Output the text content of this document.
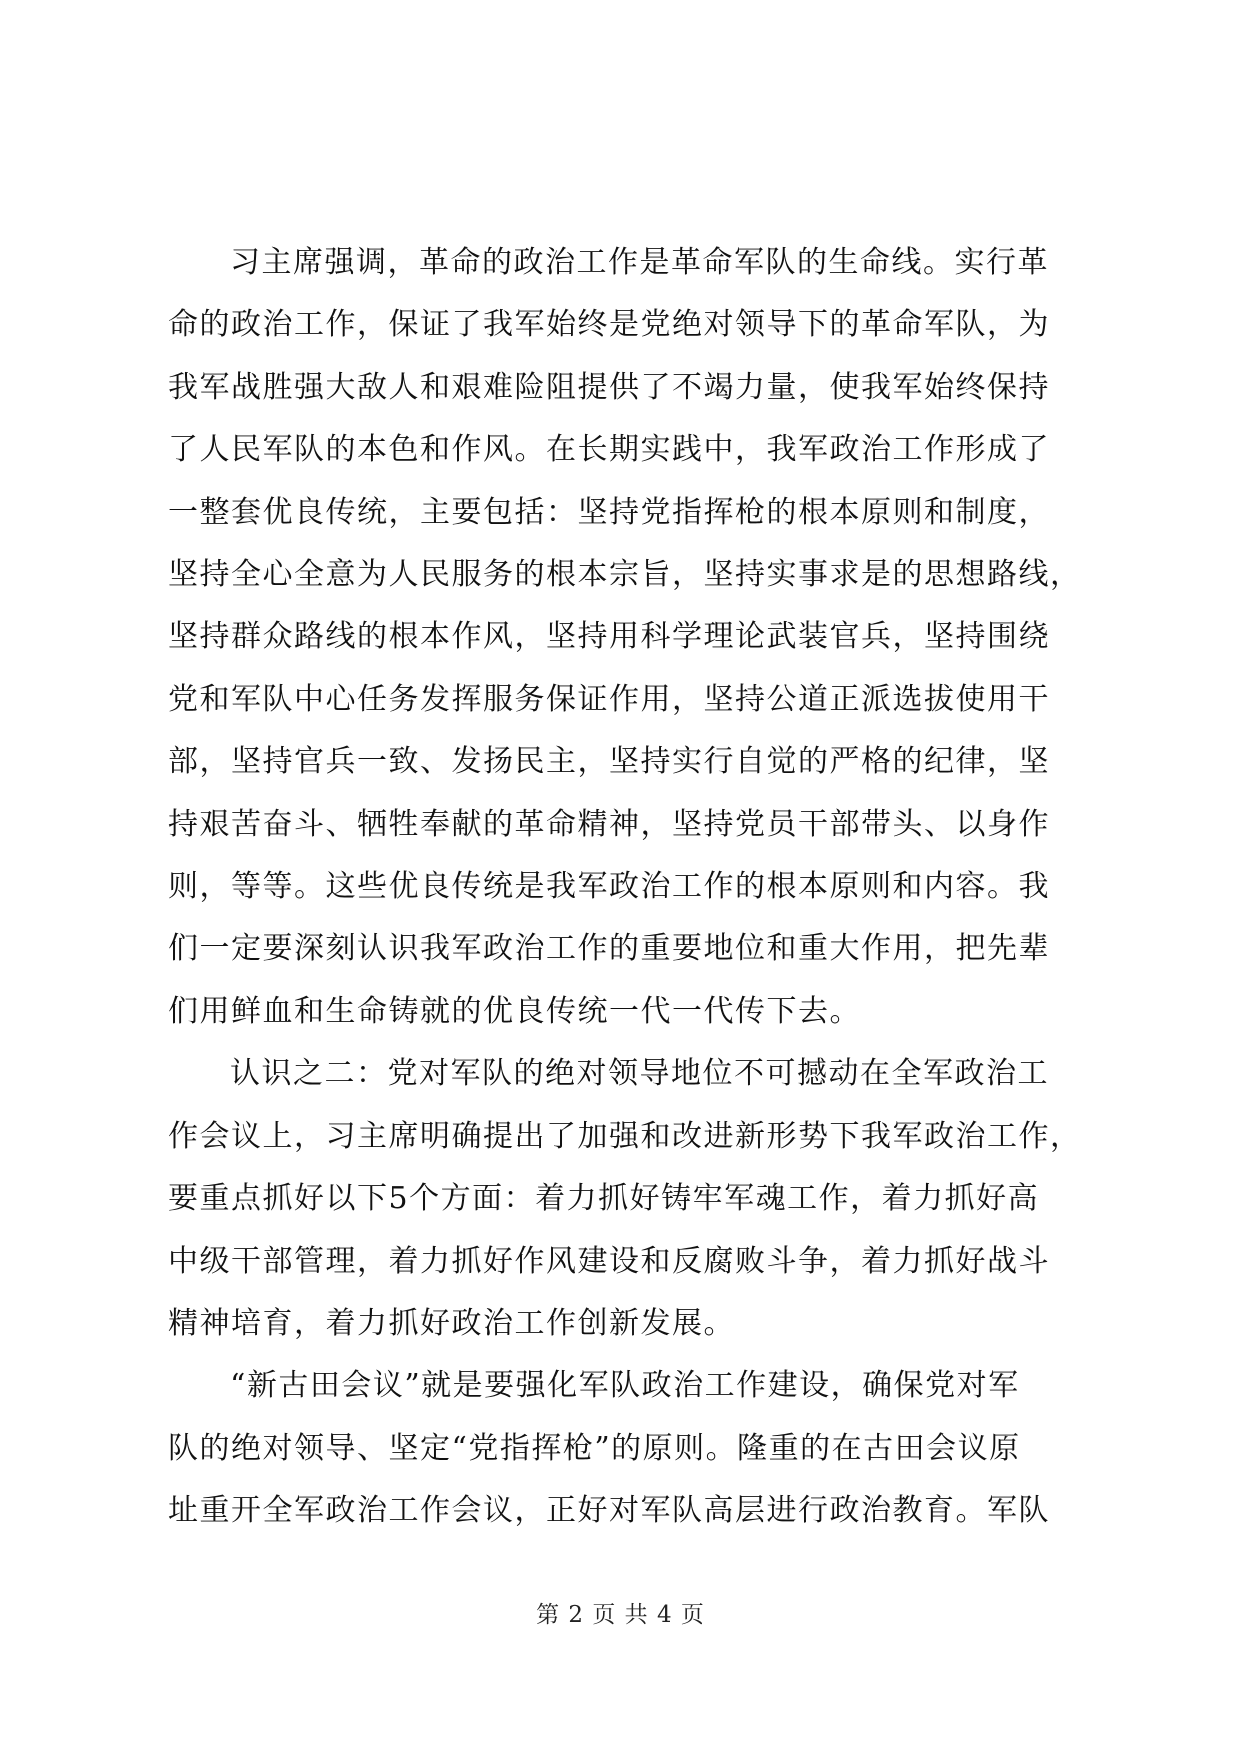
习主席强调，革命的政治工作是革命军队的生命线。实行革
命的政治工作，保证了我军始终是党绝对领导下的革命军队，为
我军战胜强大敌人和艰难险阻提供了不竭力量，使我军始终保持
了人民军队的本色和作风。在长期实践中，我军政治工作形成了
一整套优良传统，主要包括：坚持党指挥枪的根本原则和制度，
坚持全心全意为人民服务的根本宗旨，坚持实事求是的思想路线，
坚持群众路线的根本作风，坚持用科学理论武装官兵，坚持围绕
党和军队中心任务发挥服务保证作用，坚持公道正派选拔使用干
部，坚持官兵一致、发扬民主，坚持实行自觉的严格的纪律，坚
持艰苦奋斗、牺牲奉献的革命精神，坚持党员干部带头、以身作
则，等等。这些优良传统是我军政治工作的根本原则和内容。我
们一定要深刻认识我军政治工作的重要地位和重大作用，把先辈
们用鲜血和生命铸就的优良传统一代一代传下去。

认识之二：党对军队的绝对领导地位不可撼动在全军政治工
作会议上，习主席明确提出了加强和改进新形势下我军政治工作，
要重点抓好以下5个方面：着力抓好铸牢军魂工作，着力抓好高
中级干部管理，着力抓好作风建设和反腐败斗争，着力抓好战斗
精神培育，着力抓好政治工作创新发展。

“新古田会议”就是要强化军队政治工作建设，确保党对军
队的绝对领导、坚定“党指挥枪”的原则。隆重的在古田会议原
址重开全军政治工作会议，正好对军队高层进行政治教育。军队

第 2 页 共 4 页
